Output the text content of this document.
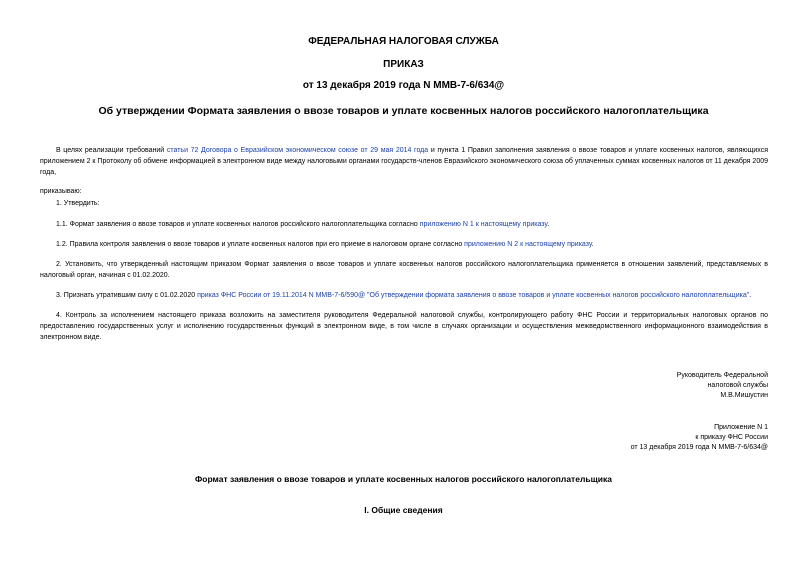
ФЕДЕРАЛЬНАЯ НАЛОГОВАЯ СЛУЖБА
ПРИКАЗ
от 13 декабря 2019 года N ММВ-7-6/634@
Об утверждении Формата заявления о ввозе товаров и уплате косвенных налогов российского налогоплательщика
В целях реализации требований статьи 72 Договора о Евразийском экономическом союзе от 29 мая 2014 года и пункта 1 Правил заполнения заявления о ввозе товаров и уплате косвенных налогов, являющихся приложением 2 к Протоколу об обмене информацией в электронном виде между налоговыми органами государств-членов Евразийского экономического союза об уплаченных суммах косвенных налогов от 11 декабря 2009 года,
приказываю:
1. Утвердить:
1.1. Формат заявления о ввозе товаров и уплате косвенных налогов российского налогоплательщика согласно приложению N 1 к настоящему приказу.
1.2. Правила контроля заявления о ввозе товаров и уплате косвенных налогов при его приеме в налоговом органе согласно приложению N 2 к настоящему приказу.
2. Установить, что утвержденный настоящим приказом Формат заявления о ввозе товаров и уплате косвенных налогов российского налогоплательщика применяется в отношении заявлений, представляемых в налоговый орган, начиная с 01.02.2020.
3. Признать утратившим силу с 01.02.2020 приказ ФНС России от 19.11.2014 N ММВ-7-6/590@ "Об утверждении формата заявления о ввозе товаров и уплате косвенных налогов российского налогоплательщика".
4. Контроль за исполнением настоящего приказа возложить на заместителя руководителя Федеральной налоговой службы, контролирующего работу ФНС России и территориальных налоговых органов по предоставлению государственных услуг и исполнению государственных функций в электронном виде, в том числе в случаях организации и осуществления межведомственного информационного взаимодействия в электронном виде.
Руководитель Федеральной
налоговой службы
М.В.Мишустин
Приложение N 1
к приказу ФНС России
от 13 декабря 2019 года N ММВ-7-6/634@
Формат заявления о ввозе товаров и уплате косвенных налогов российского налогоплательщика
I. Общие сведения
